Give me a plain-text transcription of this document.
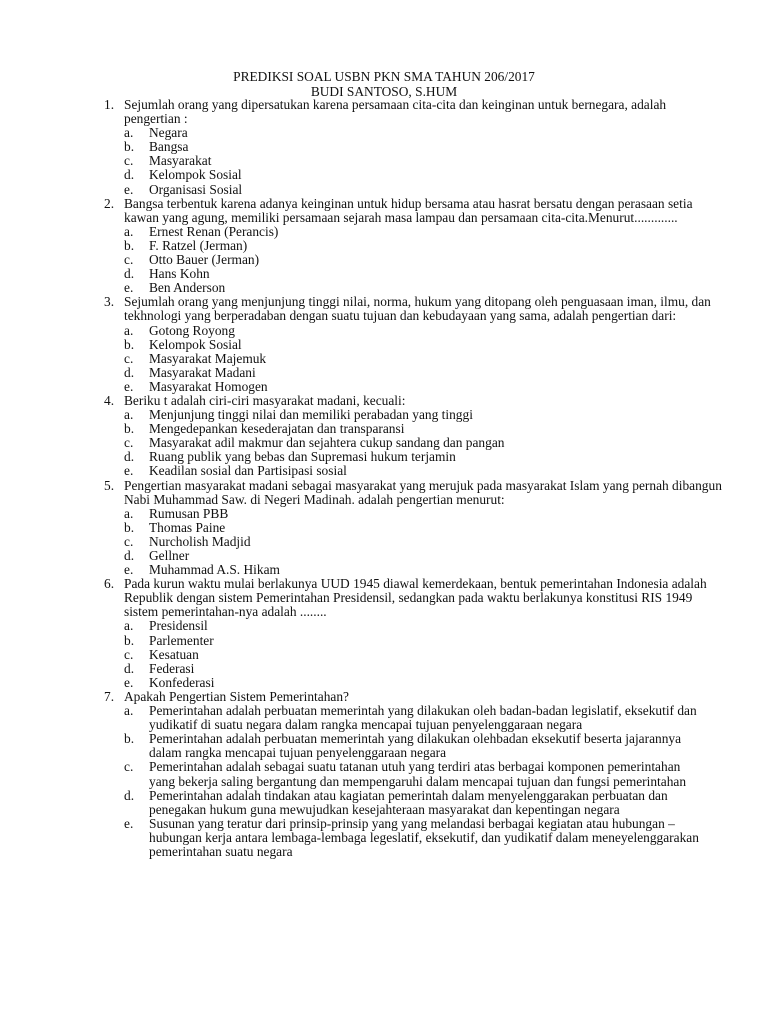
PREDIKSI SOAL USBN PKN SMA TAHUN 206/2017
BUDI SANTOSO, S.HUM
1. Sejumlah orang yang dipersatukan karena persamaan cita-cita dan keinginan untuk bernegara, adalah pengertian :
a.	Negara
b.	Bangsa
c.	Masyarakat
d.	Kelompok Sosial
e.	Organisasi Sosial
2. Bangsa terbentuk karena adanya keinginan untuk hidup bersama atau hasrat bersatu dengan perasaan setia kawan yang agung, memiliki persamaan sejarah masa lampau dan persamaan cita-cita.Menurut.............
a.	Ernest Renan (Perancis)
b.	F. Ratzel (Jerman)
c.	Otto Bauer (Jerman)
d.	Hans Kohn
e.	Ben Anderson
3. Sejumlah orang yang menjunjung tinggi nilai, norma, hukum yang ditopang oleh penguasaan iman, ilmu, dan tekhnologi yang berperadaban dengan suatu tujuan dan kebudayaan yang sama, adalah pengertian dari:
a.	Gotong Royong
b.	Kelompok Sosial
c.	Masyarakat Majemuk
d.	Masyarakat Madani
e.	Masyarakat Homogen
4. Beriku t adalah ciri-ciri masyarakat madani, kecuali:
a.	Menjunjung tinggi nilai dan memiliki perabadan yang tinggi
b.	Mengedepankan kesederajatan dan transparansi
c.	Masyarakat adil makmur dan sejahtera cukup sandang dan pangan
d.	Ruang publik yang bebas dan Supremasi hukum terjamin
e.	Keadilan sosial dan Partisipasi sosial
5. Pengertian masyarakat madani sebagai masyarakat yang merujuk pada masyarakat Islam yang pernah dibangun Nabi Muhammad Saw. di Negeri Madinah. adalah pengertian menurut:
a.	Rumusan PBB
b.	Thomas Paine
c.	Nurcholish Madjid
d.	Gellner
e.	Muhammad A.S. Hikam
6. Pada kurun waktu mulai berlakunya UUD 1945 diawal kemerdekaan, bentuk pemerintahan Indonesia adalah Republik dengan sistem Pemerintahan Presidensil, sedangkan pada waktu berlakunya konstitusi RIS 1949 sistem pemerintahan-nya adalah ........
a.	Presidensil
b.	Parlementer
c.	Kesatuan
d.	Federasi
e.	Konfederasi
7. Apakah Pengertian Sistem Pemerintahan?
a.	Pemerintahan adalah perbuatan memerintah yang dilakukan oleh badan-badan legislatif, eksekutif dan yudikatif di suatu negara dalam rangka mencapai tujuan penyelenggaraan negara
b.	Pemerintahan adalah perbuatan memerintah yang dilakukan olehbadan eksekutif beserta jajarannya dalam rangka mencapai tujuan penyelenggaraan negara
c.	Pemerintahan adalah sebagai suatu tatanan utuh yang terdiri atas berbagai komponen pemerintahan yang bekerja saling bergantung dan mempengaruhi dalam mencapai tujuan dan fungsi pemerintahan
d.	Pemerintahan adalah tindakan atau kagiatan pemerintah dalam menyelenggarakan perbuatan dan penegakan hukum guna mewujudkan kesejahteraan masyarakat dan kepentingan negara
e.	Susunan yang teratur dari prinsip-prinsip yang yang melandasi berbagai kegiatan atau hubungan – hubungan kerja antara lembaga-lembaga legeslatif, eksekutif, dan yudikatif dalam meneyelenggarakan pemerintahan suatu negara
